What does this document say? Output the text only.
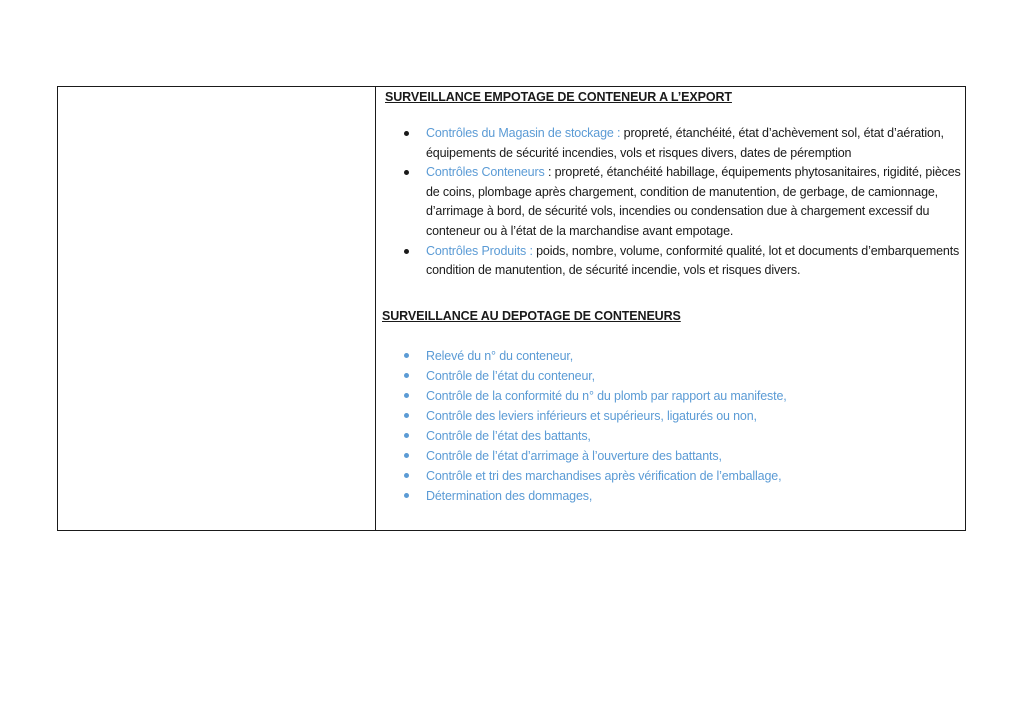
SURVEILLANCE EMPOTAGE DE CONTENEUR A L’EXPORT
Contrôles du Magasin de stockage : propreté, étanchéité, état d’achèvement sol, état d’aération, équipements de sécurité incendies, vols et risques divers, dates de péremption
Contrôles Conteneurs : propreté, étanchéité habillage, équipements phytosanitaires, rigidité, pièces de coins, plombage après chargement, condition de manutention, de gerbage, de camionnage, d’arrimage à bord, de sécurité vols, incendies ou condensation due à chargement excessif du conteneur ou à l’état de la marchandise avant empotage.
Contrôles Produits : poids, nombre, volume, conformité qualité, lot et documents d’embarquements condition de manutention, de sécurité incendie, vols et risques divers.
SURVEILLANCE AU DEPOTAGE DE CONTENEURS
Relevé du n° du conteneur,
Contrôle de l’état du conteneur,
Contrôle de la conformité du n° du plomb par rapport au manifeste,
Contrôle des leviers inférieurs et supérieurs, ligaturés ou non,
Contrôle de l’état des battants,
Contrôle de l’état d’arrimage à l’ouverture des battants,
Contrôle et tri des marchandises après vérification de l’emballage,
Détermination des dommages,
